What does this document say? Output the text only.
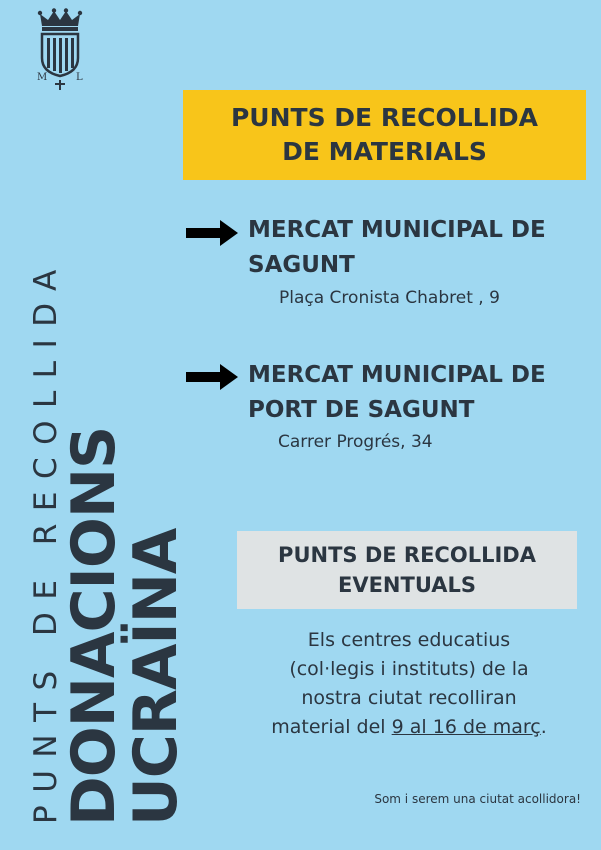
M	L
PUNTS DE RECOLLIDA
DE MATERIALS
MERCAT MUNICIPAL DE
SAGUNT
Plaça Cronista Chabret , 9
MERCAT MUNICIPAL DE
PORT DE SAGUNT
Carrer Progrés, 34
PUNTS DE RECOLLIDA
EVENTUALS
Els centres educatius
(col·legis i instituts) de la
nostra ciutat recolliran
material del 9 al 16 de març.
Som i serem una ciutat acollidora!
PUNTS DE RECOLLIDA
DONACIONS
UCRAÏNA
